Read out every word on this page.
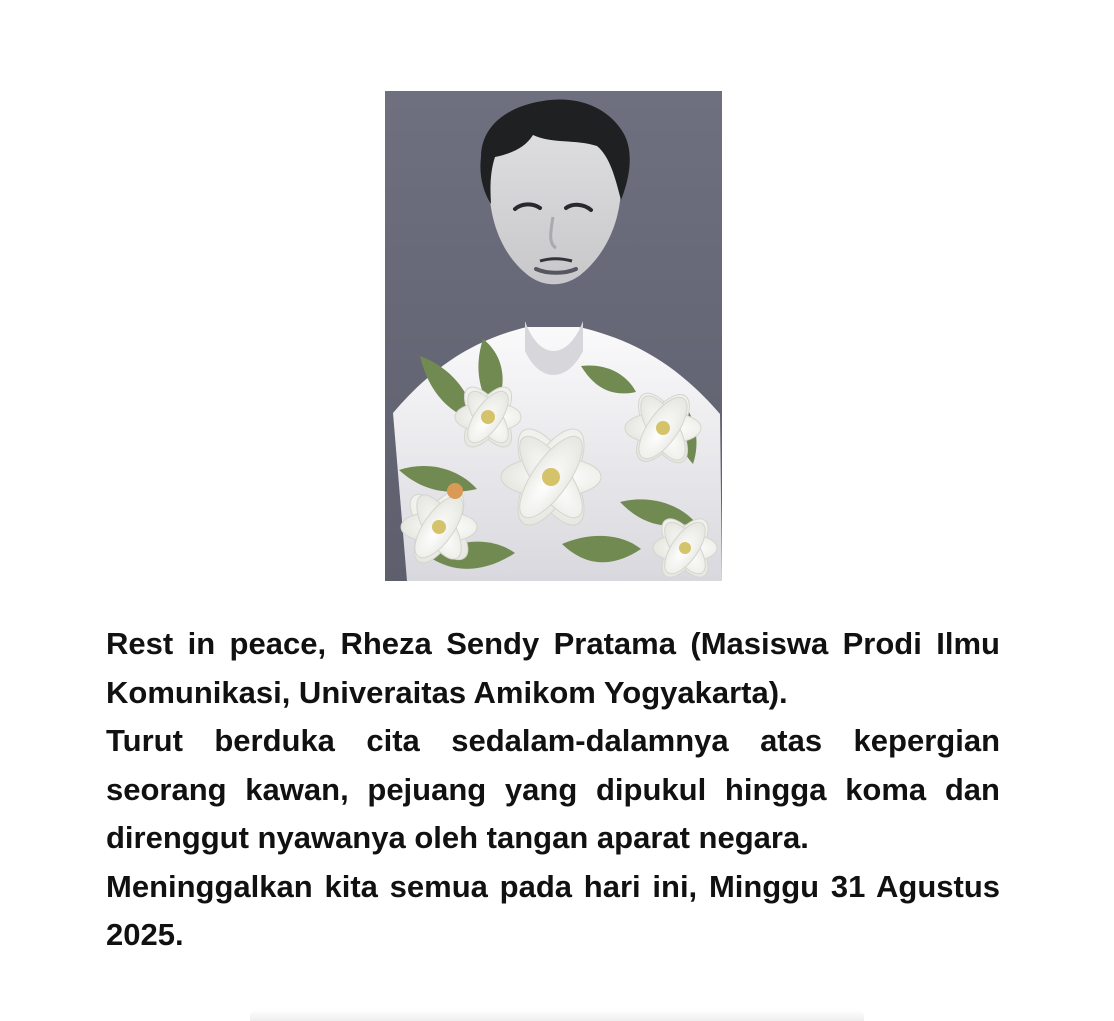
Rest in peace, Rheza Sendy Pratama (Masiswa Prodi Ilmu Komunikasi, Univeraitas Amikom Yogyakarta).
Turut berduka cita sedalam-dalamnya atas kepergian seorang kawan, pejuang yang dipukul hingga koma dan direnggut nyawanya oleh tangan aparat negara.
Meninggalkan kita semua pada hari ini, Minggu 31 Agustus 2025.
